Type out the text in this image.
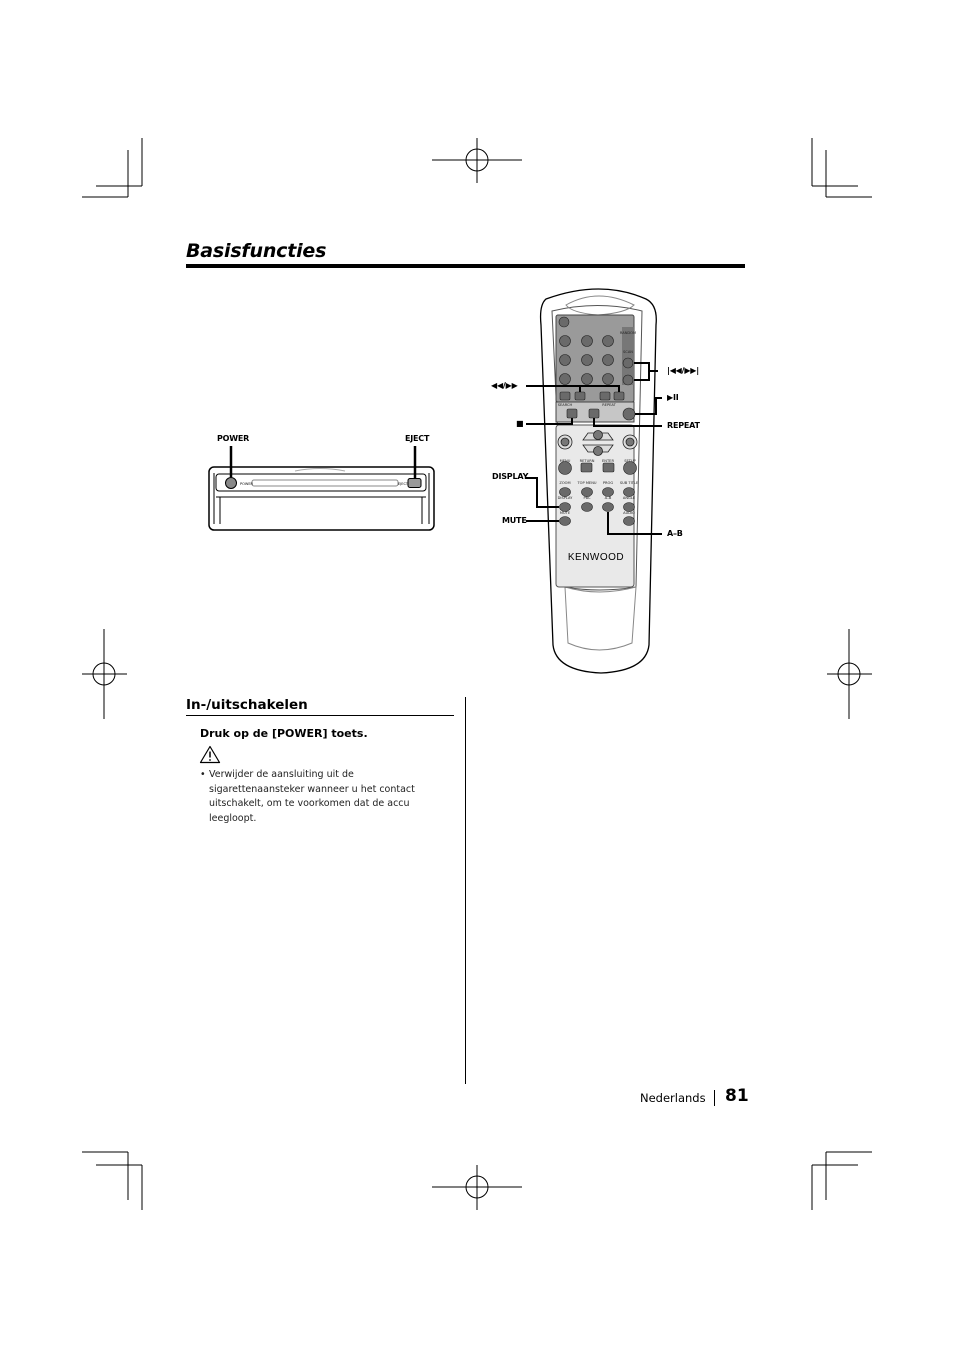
Basisfuncties
POWER	EJECT
POWER	EJECT
RANDOM
SCAN
SEARCH	REPEAT
MENU	RETURN ENTER	SETUP
ZOOM TOP MENU PROG SUB TITLE
DISPLAY	PBC	A–B	ANGLE
MUTE	AUDIO
KENWOOD
|◀◀/▶▶|
◀◀/▶▶
▶II
■	REPEAT
DISPLAY
MUTE
A–B
In-/uitschakelen
Druk op de [POWER] toets.
• Verwijder de aansluiting uit de sigarettenaansteker wanneer u het contact uitschakelt, om te voorkomen dat de accu leegloopt.
Nederlands 81
